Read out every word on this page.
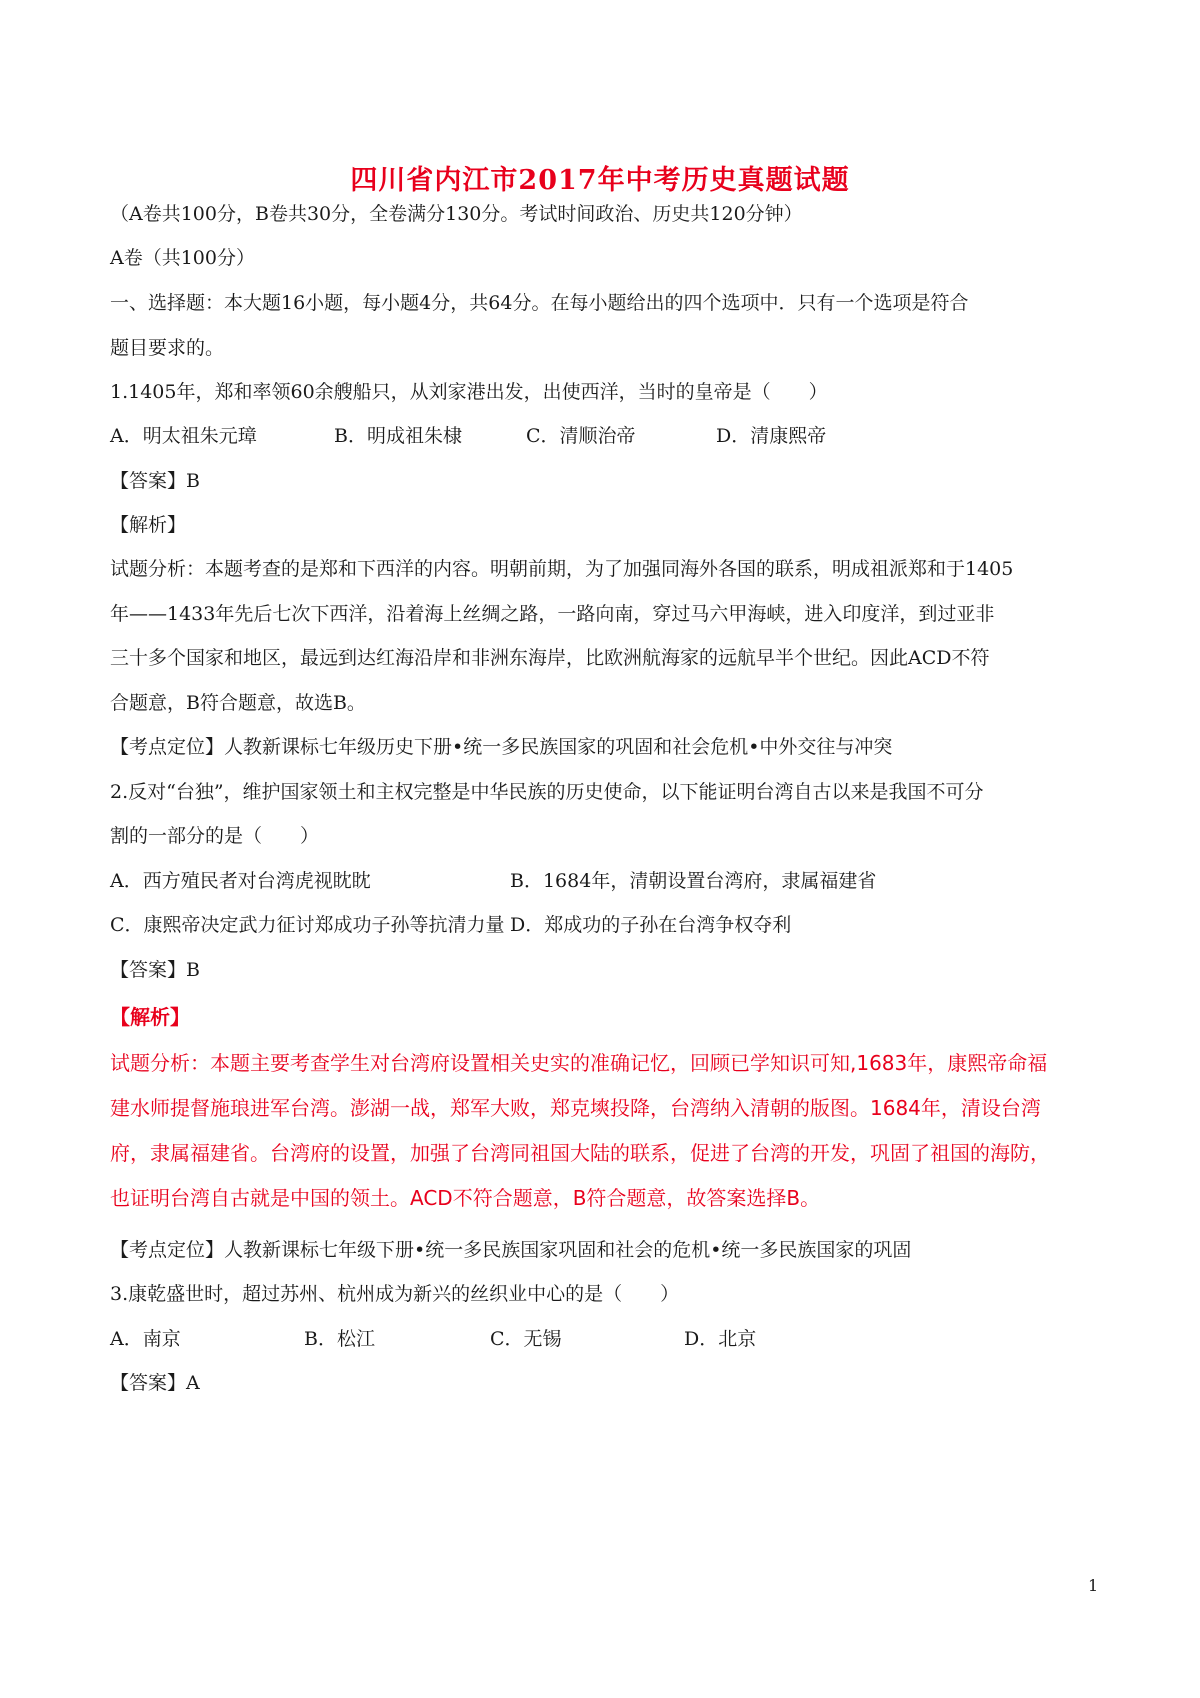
四川省内江市2017年中考历史真题试题
（A卷共100分，B卷共30分，全卷满分130分。考试时间政治、历史共120分钟）
A卷（共100分）
一、选择题：本大题16小题，每小题4分，共64分。在每小题给出的四个选项中．只有一个选项是符合
题目要求的。
1.1405年，郑和率领60余艘船只，从刘家港出发，出使西洋，当时的皇帝是（　　）
A．明太祖朱元璋	B．明成祖朱棣	C．清顺治帝	D．清康熙帝
【答案】B
【解析】
试题分析：本题考查的是郑和下西洋的内容。明朝前期，为了加强同海外各国的联系，明成祖派郑和于1405
年——1433年先后七次下西洋，沿着海上丝绸之路，一路向南，穿过马六甲海峡，进入印度洋，到过亚非
三十多个国家和地区，最远到达红海沿岸和非洲东海岸，比欧洲航海家的远航早半个世纪。因此ACD不符
合题意，B符合题意，故选B。
【考点定位】人教新课标七年级历史下册•统一多民族国家的巩固和社会危机•中外交往与冲突
2.反对“台独”，维护国家领土和主权完整是中华民族的历史使命，以下能证明台湾自古以来是我国不可分
割的一部分的是（　　）
A．西方殖民者对台湾虎视眈眈	B．1684年，清朝设置台湾府，隶属福建省
C．康熙帝决定武力征讨郑成功子孙等抗清力量 D．郑成功的子孙在台湾争权夺利
【答案】B
【解析】
试题分析：本题主要考查学生对台湾府设置相关史实的准确记忆，回顾已学知识可知,1683年，康熙帝命福
建水师提督施琅进军台湾。澎湖一战，郑军大败，郑克塽投降，台湾纳入清朝的版图。1684年，清设台湾
府，隶属福建省。台湾府的设置，加强了台湾同祖国大陆的联系，促进了台湾的开发，巩固了祖国的海防，
也证明台湾自古就是中国的领土。ACD不符合题意，B符合题意，故答案选择B。
【考点定位】人教新课标七年级下册•统一多民族国家巩固和社会的危机•统一多民族国家的巩固
3.康乾盛世时，超过苏州、杭州成为新兴的丝织业中心的是（　　）
A．南京	B．松江	C．无锡	D．北京
【答案】A
1
